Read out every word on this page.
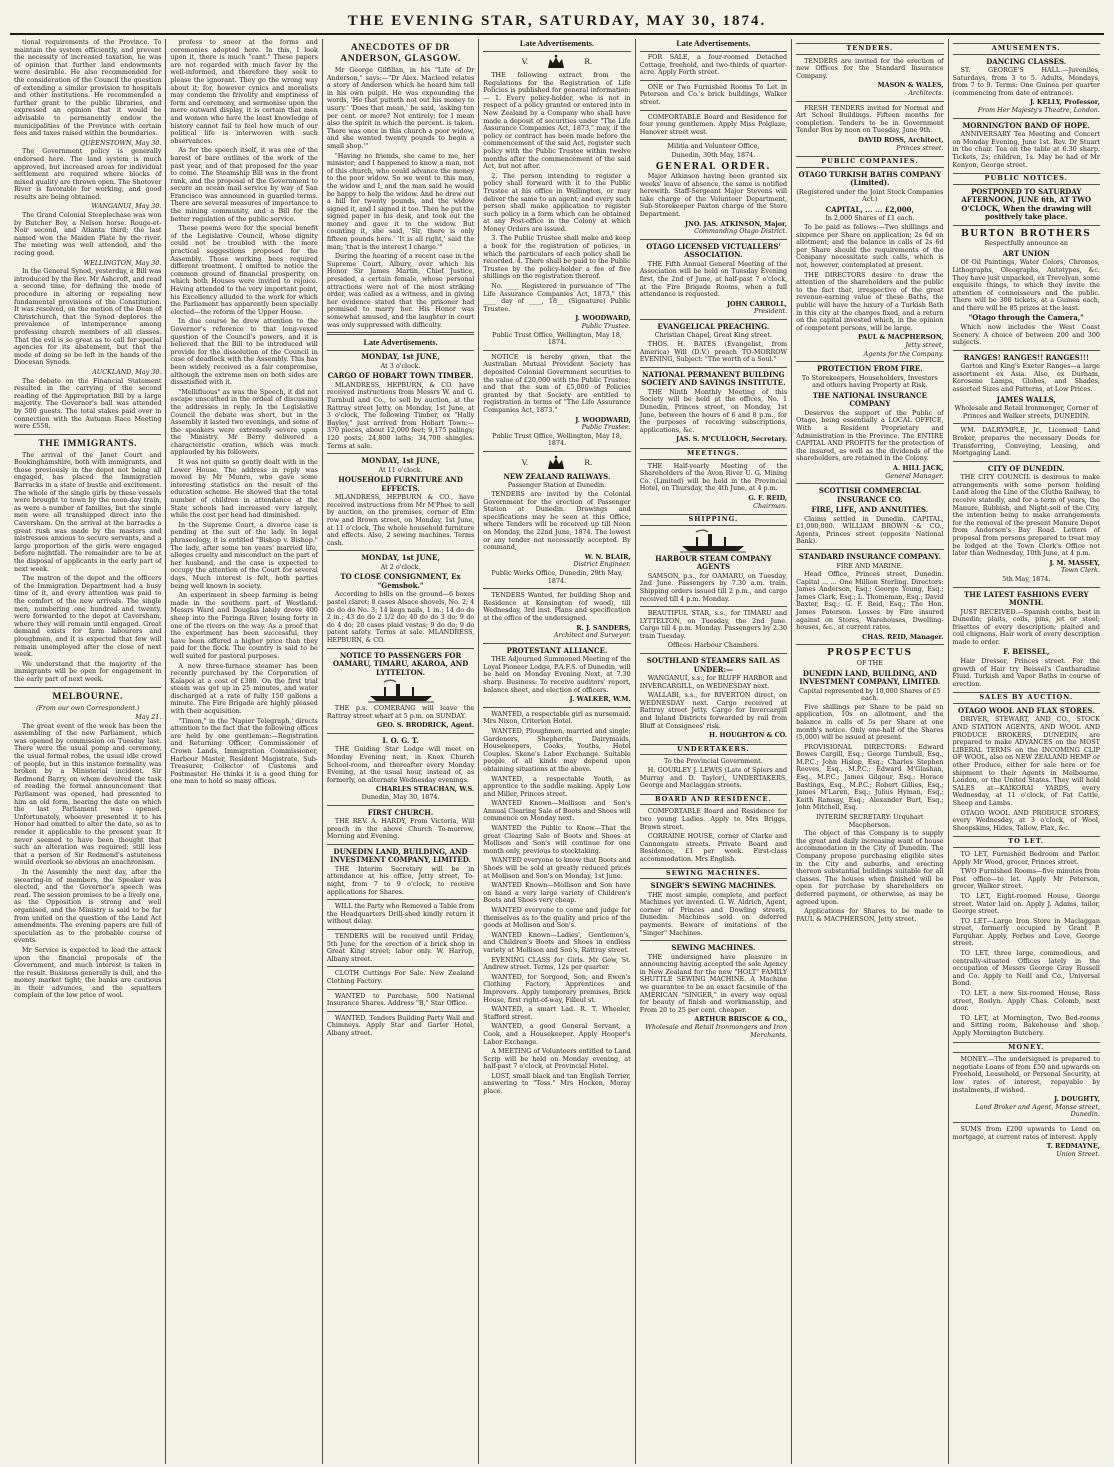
THE EVENING STAR, SATURDAY, MAY 30, 1874.

tional requirements of the Province. To maintain the system efficiently, and prevent the necessity of increased taxation, he was of opinion that further land endowments were desirable. He also recommended for the consideration of the Council the question of extending a similar provision to hospitals and other institutions. He recommended a further grant to the public libraries, and expressed an opinion that it would be advisable to permanently endow the municipalities of the Province with certain fees and taxes raised within the boundaries.

QUEENSTOWN, May 30.

The Government policy is generally endorsed here. The land system is much approved, but increased areas for individual settlement are required where blocks of mixed quality are thrown open. The Shotover River is favorable for working, and good results are being obtained.

WANGANUI, May 30.

The Grand Colonial Steeplechase was won by Butcher Boy, a Nelson horse. Rouge-et-Noir second, and Atlanta third; the last named won the Maiden Plate by the river. The meeting was well attended, and the racing good.

WELLINGTON, May 30.

In the General Synod, yesterday, a Bill was introduced by the Rev. Mr Ashcroft, and read a second time, for defining the mode of procedure in altering or repealing new fundamental provisions of the Constitution. It was resolved, on the motion of the Dean of Christchurch, that the Synod deplores the prevalence of intemperance among professing church members of all classes. That the evil is so great as to call for special agencies for its abatement, but that the mode of doing so be left in the hands of the Diocesan Synods.

AUCKLAND, May 30.

The debate on the Financial Statement resulted in the carrying of the second reading of the Appropriation Bill by a large majority. The Governor's ball was attended by 500 guests. The total stakes paid over in connection with the Autumn Race Meeting were £558.

THE IMMIGRANTS.

The arrival of the Janet Court and Bookinghamshire, both with immigrants, and those previously in the depot not being all engaged, has placed the Immigration Barracks in a state of bustle and excitement. The whole of the single girls by these vessels were brought to town by the noon-day train, as were a number of families, but the single men were all transhipped direct into the Caversham. On the arrival at the barracks a great rush was made by the masters and mistresses anxious to secure servants, and a large proportion of the girls were engaged before nightfall. The remainder are to be at the disposal of applicants in the early part of next week.

The matron of the depot and the officers of the Immigration Department had a busy time of it, and every attention was paid to the comfort of the new arrivals. The single men, numbering one hundred and twenty, were forwarded to the depot at Caversham, where they will remain until engaged. Great demand exists for farm labourers and ploughmen, and it is expected that few will remain unemployed after the close of next week.

We understand that the majority of the immigrants will be open for engagement in the early part of next week.

MELBOURNE.
(From our own Correspondent.)
May 21.

The great event of the week has been the assembling of the new Parliament, which was opened by commission on Tuesday last. There were the usual pomp and ceremony, the usual formal robes, the usual idle crowd of people, but in this instance formality was broken by a Ministerial incident. Sir Redmond Barry, on whom devolved the task of reading the formal announcement that Parliament was opened, had presented to him an old form, bearing the date on which the last Parliament was opened. Unfortunately, whoever presented it to his Honor had omitted to alter the date, so as to render it applicable to the present year. It never seemed to have been thought that such an alteration was required; still less that a person of Sir Redmond's astuteness would overlook so obvious an anachronism.

In the Assembly the next day, after the swearing-in of members, the Speaker was elected, and the Governor's speech was read. The session promises to be a lively one, as the Opposition is strong and well organised, and the Ministry is said to be far from united on the question of the Land Act amendments. The evening papers are full of speculation as to the probable course of events.

Mr Service is expected to lead the attack upon the financial proposals of the Government, and much interest is taken in the result. Business generally is dull, and the money market tight; the banks are cautious in their advances, and the squatters complain of the low price of wool.

profess to sneer at the forms and ceremonies adopted here. In this, I look upon it, there is much "cant." These papers are not regarded with much favor by the well-informed, and therefore they seek to please the ignorant. They go the wrong way about it; for, however cynics and moralists may condemn the frivolity and emptiness of form and ceremony, and sermonise upon the mere outward display, it is certain that men and women who have the least knowledge of history cannot fail to feel how much of our political life is interwoven with such observances.

As for the speech itself, it was one of the barest of bare outlines of the work of the past year, and of that proposed for the year to come. The Steamship Bill was in the front rank, and the proposal of the Government to secure an ocean mail service by way of San Francisco was announced in guarded terms. There are several measures of importance to the mining community, and a Bill for the better regulation of the public service.

These poems were for the special benefit of the Legislative Council, whose dignity could not be troubled with the more practical suggestions proposed for the Assembly. Those working bees required different treatment. I omitted to notice the common ground of financial prosperity, on which both Houses were invited to rejoice. Having attended to the very important point, his Excellency alluded to the work for which the Parliament has apparently been specially elected—the reform of the Upper House.

In due course he drew attention to the Governor's reference to that long-vexed question of the Council's powers, and it is believed that the Bill to be introduced will provide for the dissolution of the Council in case of deadlock with the Assembly. This has been widely received as a fair compromise, although the extreme men on both sides are dissatisfied with it.

"Mellifluous" as was the Speech, it did not escape unscathed in the ordeal of discussing the addresses in reply. In the Legislative Council the debate was short, but in the Assembly it lasted two evenings, and some of the speakers were extremely severe upon the Ministry. Mr Berry delivered a characteristic oration, which was much applauded by his followers.

It was not quite so gently dealt with in the Lower House. The address in reply was moved by Mr Munro, who gave some interesting statistics on the result of the education scheme. He showed that the total number of children in attendance at the State schools had increased very largely, while the cost per head had diminished.

In the Supreme Court, a divorce case is pending at the suit of the lady. In legal phraseology, it is entitled "Bishop v. Bishop." The lady, after some ten years' married life, alleges cruelty and misconduct on the part of her husband, and the case is expected to occupy the attention of the Court for several days. Much interest is felt, both parties being well known in society.

An experiment in sheep farming is being made in the southern part of Westland. Messrs Ward and Douglas lately drove 400 sheep into the Paringa River, losing forty in one of the rivers on the way. As a proof that the experiment has been successful, they have been offered a higher price than they paid for the flock. The country is said to be well suited for pastoral purposes.

A new three-furnace steamer has been recently purchased by the Corporation of Kaiapoi at a cost of £380. On the first trial steam was got up in 25 minutes, and water discharged at a rate of fully 150 gallons a minute. The Fire Brigade are highly pleased with their acquisition.

"Timon," in the 'Napier Telegraph,' directs attention to the fact that the following offices are held by one gentleman:—Registration and Returning Officer, Commissioner of Crown Lands, Immigration Commissioner, Harbour Master, Resident Magistrate, Sub-Treasurer, Collector of Customs and Postmaster. He thinks it is a good thing for one man to hold so many offices.

ANECDOTES OF DR ANDERSON, GLASGOW.

Mr George Gilfillan, in his "Life of Dr Anderson," says:—"Dr Alex. Macleod relates a story of Anderson which he heard him tell in his own pulpit. He was expounding the words, 'He that putteth not out his money to usury.' 'Does that mean,' he said, 'asking ten per cent. or more? Not entirely; for I mean also the spirit in which the percent. is taken. There was once in this church a poor widow, and she wanted twenty pounds to begin a small shop.'"

"Having no friends, she came to me, her minister; and I happened to know a man, not of this church, who could advance the money to the poor widow. So we went to this man, the widow and I, and the man said he would be happy to help the widow. And he drew out a bill for twenty pounds, and the widow signed it, and I signed it too. Then he put the signed paper in his desk, and took out the money and gave it to the widow. But counting it, she said, 'Sir, there is only fifteen pounds here.' 'It is all right,' said the man; 'that is the interest I charge.'"

During the hearing of a recent case in the Supreme Court, Albury, over which his Honor Sir James Martin, Chief Justice, presided, a certain female, whose personal attractions were not of the most striking order, was called as a witness, and in giving her evidence stated that the prisoner had promised to marry her. His Honor was somewhat amused, and the laughter in court was only suppressed with difficulty.

Late Advertisements.
MONDAY, 1st JUNE,
At 3 o'clock.
CARGO OF HOBART TOWN TIMBER.

MLANDRESS, HEPBURN, & CO. have received instructions from Messrs W. and G. Turnbull and Co., to sell by auction, at the Rattray street Jetty, on Monday, 1st June, at 3 o'clock, The following Timber, ex "Hally Bayley," just arrived from Hobart Town:— 370 pieces, about 12,000 feet; 9,175 palings; 120 posts; 24,800 laths; 34,700 shingles. Terms at sale.

MONDAY, 1st JUNE,
At 11 o'clock.
HOUSEHOLD FURNITURE AND EFFECTS.

MLANDRESS, HEPBURN & CO., have received instructions from Mr M'Phee to sell by auction, on the premises, corner of Elm row and Brown street, on Monday, 1st June, at 11 o'clock, The whole household furniture and effects. Also, 2 sewing machines. Terms cash.

MONDAY, 1st JUNE,
At 2 o'clock.
TO CLOSE CONSIGNMENT, Ex "Gemsbok."

According to bills on the ground—6 boxes pastel claret; 8 cases Alsace shovels, No. 2; 4 do do do No. 3; 14 kegs nails, 1 in.; 14 do do 2 in.; 43 do do 2 1/2 do; 40 do do 3 do; 9 do do 4 do; 20 cases plaid vestas; 9 do do; 9 do patent safety. Terms at sale. MLANDRESS, HEPBURN, & CO.

NOTICE TO PASSENGERS FOR OAMARU, TIMARU, AKAROA, AND LYTTELTON.

THE p.s. COMERANG will leave the Rattray street wharf at 5 p.m. on SUNDAY.

GEO. S. BRODRICK, Agent.
I. O. G. T.

THE Guiding Star Lodge will meet on Monday Evening next, in Knox Church School-room, and thereafter every Monday Evening, at the usual hour, instead of, as formerly, on alternate Wednesday evenings.

CHARLES STRACHAN, W.S.
Dunedin, May 30, 1874.
FIRST CHURCH.

THE REV. A. HARDY, From Victoria, Will preach in the above Church To-morrow, Morning and Evening.

DUNEDIN LAND, BUILDING, AND INVESTMENT COMPANY, LIMITED.

THE Interim Secretary will be in attendance at his office, Jetty street, To-night, from 7 to 9 o'clock, to receive applications for Shares.

WILL the Party who Removed a Table from the Headquarters Drill-shed kindly return it without delay.

TENDERS will be received until Friday, 5th June, for the erection of a brick shop in Great King street; labor only. W. Harrop, Albany street.

CLOTH Cuttings For Sale. New Zealand Clothing Factory.

WANTED to Purchase, 500 National Insurance Shares. Address "B," Star Office.

WANTED, Tenders Building Party Wall and Chimneys. Apply Star and Garter Hotel, Albany street.

Late Advertisements.
V.	R.

THE following extract from the Regulations for the Registration of Life Policies is published for general information:— 1. Every policy-holder, who is not in respect of a policy granted or entered into in New Zealand by a Company who shall have made a deposit of securities under "The Life Assurance Companies Act, 1873," may, if the policy or contract has been made before the commencement of the said Act, register such policy with the Public Trustee within twelve months after the commencement of the said Act, but not after.

2. The person intending to register a policy shall forward with it to the Public Trustee at his office in Wellington, or may deliver the same to an agent; and every such person shall make application to register such policy in a form which can be obtained at any Post-office in the Colony at which Money Orders are issued.

3. The Public Trustee shall make and keep a book for the registration of policies, in which the particulars of each policy shall be recorded. 4. There shall be paid to the Public Trustee by the policy-holder a fee of five shillings on the registration thereof.

No. ____ Registered in pursuance of "The Life Assurance Companies Act, 1873," this ____ day of ____, 18__ (Signature) Public Trustee.

J. WOODWARD,
Public Trustee.
Public Trust Office, Wellington, May 18, 1874.

NOTICE is hereby given, that the Australian Mutual Provident Society has deposited Colonial Government securities to the value of £20,000 with the Public Trustee; and that the sum of £5,000 of Policies granted by that Society are entitled to registration in terms of "The Life Assurance Companies Act, 1873."

J. WOODWARD,
Public Trustee.
Public Trust Office, Wellington, May 18, 1874.
V.	R.
NEW ZEALAND RAILWAYS.
Passenger Station at Dunedin.

TENDERS are invited by the Colonial Government for the erection of Passenger Station at Dunedin. Drawings and specifications may be seen at this Office, where Tenders will be received up till Noon on Monday, the 22nd June, 1874. The lowest or any tender not necessarily accepted. By command,

W. N. BLAIR,
District Engineer.
Public Works Office, Dunedin, 29th May, 1874.

TENDERS Wanted, for building Shop and Residence at Kensington (of wood), till Wednesday, 3rd inst. Plans and specification at the office of the undersigned.

R. J. SANDERS,
Architect and Surveyor.
PROTESTANT ALLIANCE.

THE Adjourned Summoned Meeting of the Loyal Pioneer Lodge, P.A.F.S. of Dunedin, will be held on Monday Evening Next, at 7.30 sharp. Business: To receive auditors' report, balance sheet, and election of officers.

J. WALKER, W.M.

WANTED, a respectable girl as nursemaid. Mrs Nixon, Criterion Hotel.

WANTED, Ploughmen, married and single; Gardeners, Shepherds, Dairymaids, Housekeepers, Cooks, Youths, Hotel Couples. Skene's Labor Exchange. Suitable people of all kinds may depend upon obtaining situations at the above.

WANTED, a respectable Youth, as apprentice to the saddle making. Apply Low and Miller, Princes street.

WANTED Known—Mollison and Son's Annual Clearing Sale of Boots and Shoes will commence on Monday next.

WANTED the Public to Know—That the great Clearing Sale of Boots and Shoes at Mollison and Son's will continue for one month only, previous to stocktaking.

WANTED everyone to know that Boots and Shoes will be sold at greatly reduced prices at Mollison and Son's on Monday, 1st June.

WANTED Known—Mollison and Son have on hand a very large variety of Children's Boots and Shoes very cheap.

WANTED everyone to come and judge for themselves as to the quality and price of the goods at Mollison and Son's.

WANTED Known—Ladies', Gentlemen's, and Children's Boots and Shoes in endless variety at Mollison and Son's, Rattray street.

EVENING CLASS for Girls. Mr Gow, St. Andrew street. Terms, 12s per quarter.

WANTED, for Sorgood, Son, and Ewen's Clothing Factory, Apprentices and Improvers. Apply temporary premises, Brick House, first right-of-way, Filleul st.

WANTED, a smart Lad. R. T. Wheeler, Stafford street.

WANTED, a good General Servant, a Cook, and a Housekeeper. Apply Hooper's Labor Exchange.

A MEETING of Volunteers entitled to Land Scrip will be held on Monday evening, at half-past 7 o'clock, at Provincial Hotel.

LOST, small black and tan English Terrier, answering to "Toss." Mrs Hocken, Moray place.

Late Advertisements.

FOR SALE, a four-roomed Detached Cottage, freehold, and two-thirds of quarter-acre. Apply Forth street.

ONE or Two Furnished Rooms To Let in Peterson and Co.'s brick buildings, Walker street.

COMFORTABLE Board and Residence for four young gentlemen. Apply Miss Polglaze, Hanover street west.

Militia and Volunteer Office,
Dunedin, 30th May, 1874.
GENERAL ORDER.

Major Atkinson having been granted six weeks' leave of absence, the same is notified herewith. Staff-Sergeant Major Stevens will take charge of the Volunteer Department, Sub-Storekeeper Paxton charge of the Store Department.

JNO. JAS. ATKINSON, Major,
Commanding Otago District.
OTAGO LICENSED VICTUALLERS' ASSOCIATION.

THE Fifth Annual General Meeting of the Association will be held on Tuesday Evening first, the 2nd of June, at half-past 7 o'clock, at the Fire Brigade Rooms, when a full attendance is requested.

JOHN CARROLL,
President.
EVANGELICAL PREACHING.
Christian Chapel, Great King street.

THOS. H. BATES (Evangelist, from America) Will (D.V.) preach TO-MORROW EVENING, Subject: "The worth of a Soul."

NATIONAL PERMANENT BUILDING SOCIETY AND SAVINGS INSTITUTE.

THE Ninth Monthly Meeting of this Society will be held at the offices, No. 1 Dunedin, Princes street, on Monday, 1st June, between the hours of 6 and 8 p.m., for the purposes of receiving subscriptions, applications, &c.

JAS. S. M'CULLOCH, Secretary.
MEETINGS.

THE Half-yearly Meeting of the Shareholders of the Avon River U. G. Mining Co. (Limited) will be held in the Provincial Hotel, on Thursday, the 4th June, at 4 p.m.

G. F. REID,
Chairman.
SHIPPING.
HARBOUR STEAM COMPANY AGENTS

SAMSON, p.s., for OAMARU, on Tuesday, 2nd June. Passengers by 7.30 a.m. train. Shipping orders issued till 2 p.m., and cargo received till 4 p.m. Monday.

BEAUTIFUL STAR, s.s., for TIMARU and LYTTELTON, on Tuesday, the 2nd June. Cargo till 4 p.m. Monday. Passengers by 2.30 train Tuesday.

Offices: Harbour Chambers.
SOUTHLAND STEAMERS SAIL AS UNDER:—

WANGANUI, s.s., for BLUFF HARBOR and INVERCARGILL, on WEDNESDAY next.

WALLABI, s.s., for RIVERTON direct, on WEDNESDAY next. Cargo received at Rattray street Jetty. Cargo for Invercargill and Inland Districts forwarded by rail from Bluff at Consignees' risk.

H. HOUGHTON & CO.
UNDERTAKERS.
To the Provincial Government.

H. GOURLEY J. LEWIS (Late of Spiers and Murray and D. Taylor), UNDERTAKERS, George and Maclaggan streets.

BOARD AND RESIDENCE.

COMFORTABLE Board and Residence for two young Ladies. Apply to Mrs Briggs, Brown street.

CORRAINE HOUSE, corner of Clarke and Cannongate streets. Private Board and Residence, £1 per week. First-class accommodation. Mrs English.

SEWING MACHINES.
SINGER'S SEWING MACHINES.

THE most simple, complete, and perfect Machines yet invented. G. W. Aldrich, Agent, corner of Princes and Dowling streets, Dunedin. Machines sold on deferred payments. Beware of imitations of the "Singer" Machines.

SEWING MACHINES.

THE undersigned have pleasure in announcing having accepted the sole Agency in New Zealand for the new "HOLT" FAMILY SHUTTLE SEWING MACHINE. A Machine we guarantee to be an exact facsimile of the AMERICAN "SINGER," in every way equal for beauty of finish and workmanship, and From 20 to 25 per cent. cheaper.

ARTHUR BRISCOE & CO.,
Wholesale and Retail Ironmongers and Iron Merchants.
TENDERS.

TENDERS are invited for the erection of new Offices for the Standard Insurance Company.

MASON & WALES,
Architects.

FRESH TENDERS invited for Normal and Art School Buildings. Fifteen months for completion. Tenders to be in Government Tender Box by noon on Tuesday, June 9th.

DAVID ROSS, Architect,
Princes street.
PUBLIC COMPANIES.
OTAGO TURKISH BATHS COMPANY (Limited).
(Registered under the Joint Stock Companies Act.)
CAPITAL, ... ... £2,000,
In 2,000 Shares of £1 each.

To be paid as follows:—Two shillings and sixpence per Share on application; 2s 6d on allotment; and the balance in calls of 2s 6d per Share should the requirements of the Company necessitate such calls, which is not, however, contemplated at present.

THE DIRECTORS desire to draw the attention of the shareholders and the public to the fact that, irrespective of the great revenue-earning value of these Baths, the public will have the luxury of a Turkish Bath in this city at the charges fixed, and a return on the capital invested which, in the opinion of competent persons, will be large.

PAUL & MACPHERSON,
Jetty street,
Agents for the Company.
PROTECTION FROM FIRE.
To Storekeepers, Householders, Investors and others having Property at Risk.
THE NATIONAL INSURANCE COMPANY

Deserves the support of the Public of Otago, being essentially a LOCAL OFFICE, With a Resident Proprietary and Administration in the Province. The ENTIRE CAPITAL AND PROFITS for the protection of the insured, as well as the dividends of the shareholders, are retained in the Colony.

A. HILL JACK,
General Manager.
SCOTTISH COMMERCIAL INSURANCE CO.
FIRE, LIFE, AND ANNUITIES.

Claims settled in Dunedin. CAPITAL, £1,000,000. WILLIAM BROWN & CO., Agents, Princes street (opposite National Bank).

STANDARD INSURANCE COMPANY.
FIRE AND MARINE.

Head Office, Princes street, Dunedin. Capital ... ... One Million Sterling. Directors: James Anderson, Esq.; George Young, Esq.; James Clark, Esq.; L. Thomeman, Esq.; David Baxter, Esq.; G. F. Reid, Esq.; The Hon. James Paterson. Losses by Fire insured against on Stores, Warehouses, Dwelling-houses, &c., at current rates.

CHAS. REID, Manager.
PROSPECTUS
OF THE
DUNEDIN LAND, BUILDING, AND INVESTMENT COMPANY, LIMITED.
Capital represented by 10,000 Shares of £5 each.

Five shillings per Share to be paid on application, 10s on allotment, and the balance in calls of 5s per Share at one month's notice. Only one-half of the Shares (5,000) will be issued at present.

PROVISIONAL DIRECTORS: Edward Bowes Cargill, Esq.; George Turnbull, Esq., M.P.C.; John Hislop, Esq.; Charles Stephen Reeves, Esq., M.P.C.; Edward M'Glashan, Esq., M.P.C.; James Gilgour, Esq.; Horace Bastings, Esq., M.P.C.; Robert Gillies, Esq.; James M'Laren, Esq.; Julius Hyman, Esq.; Keith Ramsay, Esq.; Alexander Burt, Esq.; John Mitchell, Esq.

INTERIM SECRETARY: Urquhart Macpherson.

The object of this Company is to supply the great and daily increasing want of house accommodation in the City of Dunedin. The Company propose purchasing eligible sites in the City and suburbs, and erecting thereon substantial buildings suitable for all classes. The houses when finished will be open for purchase by shareholders on deferred payment, or otherwise, as may be agreed upon.

Applications for Shares to be made to PAUL & MACPHERSON, Jetty street.

AMUSEMENTS.
DANCING CLASSES.

ST. GEORGE'S HALL.—Juveniles, Saturdays, from 3 to 5. Adults, Mondays, from 7 to 9. Terms: One Guinea per quarter (commencing from date of entrance).

J. KELLY, Professor,
From Her Majesty's Theatre, London.
MORNINGTON BAND OF HOPE.

ANNIVERSARY Tea Meeting and Concert on Monday Evening, June 1st. Rev. Dr Stuart in the chair. Tea on the table at 6.30 sharp. Tickets, 2s; children, 1s. May be had of Mr Kenyon, George street.

PUBLIC NOTICES.
POSTPONED TO SATURDAY AFTERNOON, JUNE 6th, AT TWO O'CLOCK, When the drawing will positively take place.
BURTON BROTHERS
Respectfully announce an
ART UNION

Of Oil Paintings, Water Colors, Chromos, Lithographs, Oleographs, Autotypes, &c. They have just unpacked, ex Trevelyan, some exquisite things, to which they invite the attention of connoisseurs and the public. There will be 300 tickets, at a Guinea each, and there will be 85 prizes at the least.

"Otago through the Camera,"

Which now includes the West Coast Scenery. A choice of between 200 and 300 subjects.

RANGES! RANGES!! RANGES!!!

Garton and King's Exeter Ranges—a large assortment ex Asia. Also, ex Durham, Kerosene Lamps, Globes, and Shades, assorted Sizes and Patterns, at Low Prices.

JAMES WALLS,
Wholesale and Retail Ironmonger, Corner of Princes and Walker streets, DUNEDIN.

WM. DALRYMPLE, Jr., Licensed Land Broker, prepares the necessary Deeds for Transferring, Conveying, Leasing, and Mortgaging Land.

CITY OF DUNEDIN.

THE CITY COUNCIL is desirous to make arrangements with some person holding Land along the Line of the Clutha Railway, to receive statedly, and for a term of years, the Manure, Rubbish, and Night-soil of the City, the intention being to make arrangements for the removal of the present Manure Depot from Anderson's Bay Road. Letters of proposal from persons prepared to treat may be lodged at the Town Clerk's Office not later than Wednesday, 10th June, at 4 p.m.

J. M. MASSEY,
Town Clerk.
5th May, 1874.
THE LATEST FASHIONS EVERY MONTH.

JUST RECEIVED.—Spanish combs, best in Dunedin; plaits, coils, pins, jet or steel; frisettes of every description; plaited and coil chignons. Hair work of every description made to order.

F. BEISSEL,

Hair Dresser, Princes street. For the growth of Hair try Beissel's Cantharadine Fluid. Turkish and Vapor Baths in course of erection.

SALES BY AUCTION.
OTAGO WOOL AND FLAX STORES.

DRIVER, STEWART, AND CO., STOCK AND STATION AGENTS, AND WOOL AND PRODUCE BROKERS, DUNEDIN, are prepared to make ADVANCES on the MOST LIBERAL TERMS on the INCOMING CLIP OF WOOL, also on NEW ZEALAND HEMP or other Produce, either for sale here or for shipment to their Agents in Melbourne, London, or the United States. They will hold SALES at—KAIKORAI YARDS, every Wednesday, at 11 o'clock, of Fat Cattle, Sheep and Lambs.

OTAGO WOOL AND PRODUCE STORES, every Wednesday, at 3 o'clock, of Wool, Sheepskins, Hides, Tallow, Flax, &c.

TO LET.

TO LET, Furnished Bedroom and Parlor. Apply Mr Wood, grocer, Princes street.

TWO Furnished Rooms—five minutes from Post office—to let. Apply Mr Peterson, grocer, Walker street.

TO LET, Eight-roomed House, George street. Water laid on. Apply J. Adams, tailor, George street.

TO LET—Large Iron Store in Maclaggan street, formerly occupied by Grant P. Farquhar. Apply, Forbes and Love, George street.

TO LET, three large, commodious, and centrally-situated Offices lately in the occupation of Messrs George Gray Russell and Co. Apply to Neill and Co., Universal Bond.

TO LET, a new Six-roomed House, Ross street, Roslyn. Apply Chas. Colomb, next door.

TO LET, at Mornington, Two Bed-rooms and Sitting room, Bakehouse and shop. Apply Mornington Butchery.

MONEY.

MONEY.—The undersigned is prepared to negotiate Loans of from £50 and upwards on Freehold, Leasehold, or Personal Security, at low rates of interest, repayable by instalments, if wished.

J. DOUGHTY,
Land Broker and Agent, Manse street, Dunedin.

SUMS from £200 upwards to Lend on mortgage, at current rates of interest. Apply

T. REDMAYNE,
Union Street.
